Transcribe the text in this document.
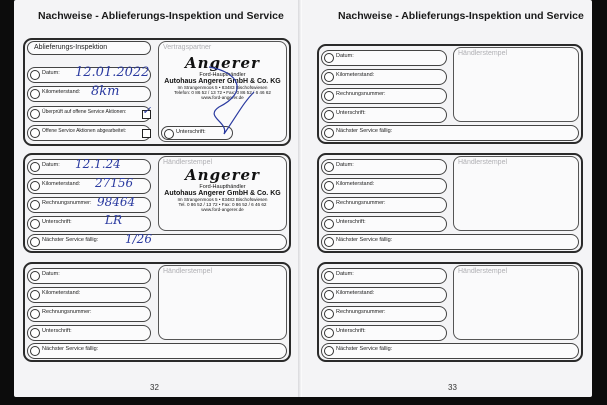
Nachweise - Ablieferungs-Inspektion und Service
32
Ablieferungs-Inspektion
Datum:
Kilometerstand:
Überprüft auf offene Service Aktionen:
Offene Service Aktionen abgearbeitet:
12.01.2022
8km
✓
Vertragspartner
Angerer
Ford-Haupthändler
Autohaus Angerer GmbH & Co. KG
Im Strangenmoos 5 • 83483 Bischofswiesen
Telefon: 0 86 52 / 13 72 • Fax: 0 86 52 / 6 46 62
www.ford-angerer.de
Unterschrift:
Datum:
Kilometerstand:
Rechnungsnummer:
Unterschrift:
Nächster Service fällig:
12.1.24
27156
98464
LR
1/26
Händlerstempel
Angerer
Ford-Haupthändler
Autohaus Angerer GmbH & Co. KG
Im Strangenmoos 5 • 83483 Bischofswiesen
Tel. 0 86 52 / 13 72 • Fax: 0 86 52 / 6 46 62
www.ford-angerer.de
Datum:
Kilometerstand:
Rechnungsnummer:
Unterschrift:
Nächster Service fällig:
Händlerstempel
Nachweise - Ablieferungs-Inspektion und Service
33
Datum:
Kilometerstand:
Rechnungsnummer:
Unterschrift:
Nächster Service fällig:
Händlerstempel
Datum:
Kilometerstand:
Rechnungsnummer:
Unterschrift:
Nächster Service fällig:
Händlerstempel
Datum:
Kilometerstand:
Rechnungsnummer:
Unterschrift:
Nächster Service fällig:
Händlerstempel
